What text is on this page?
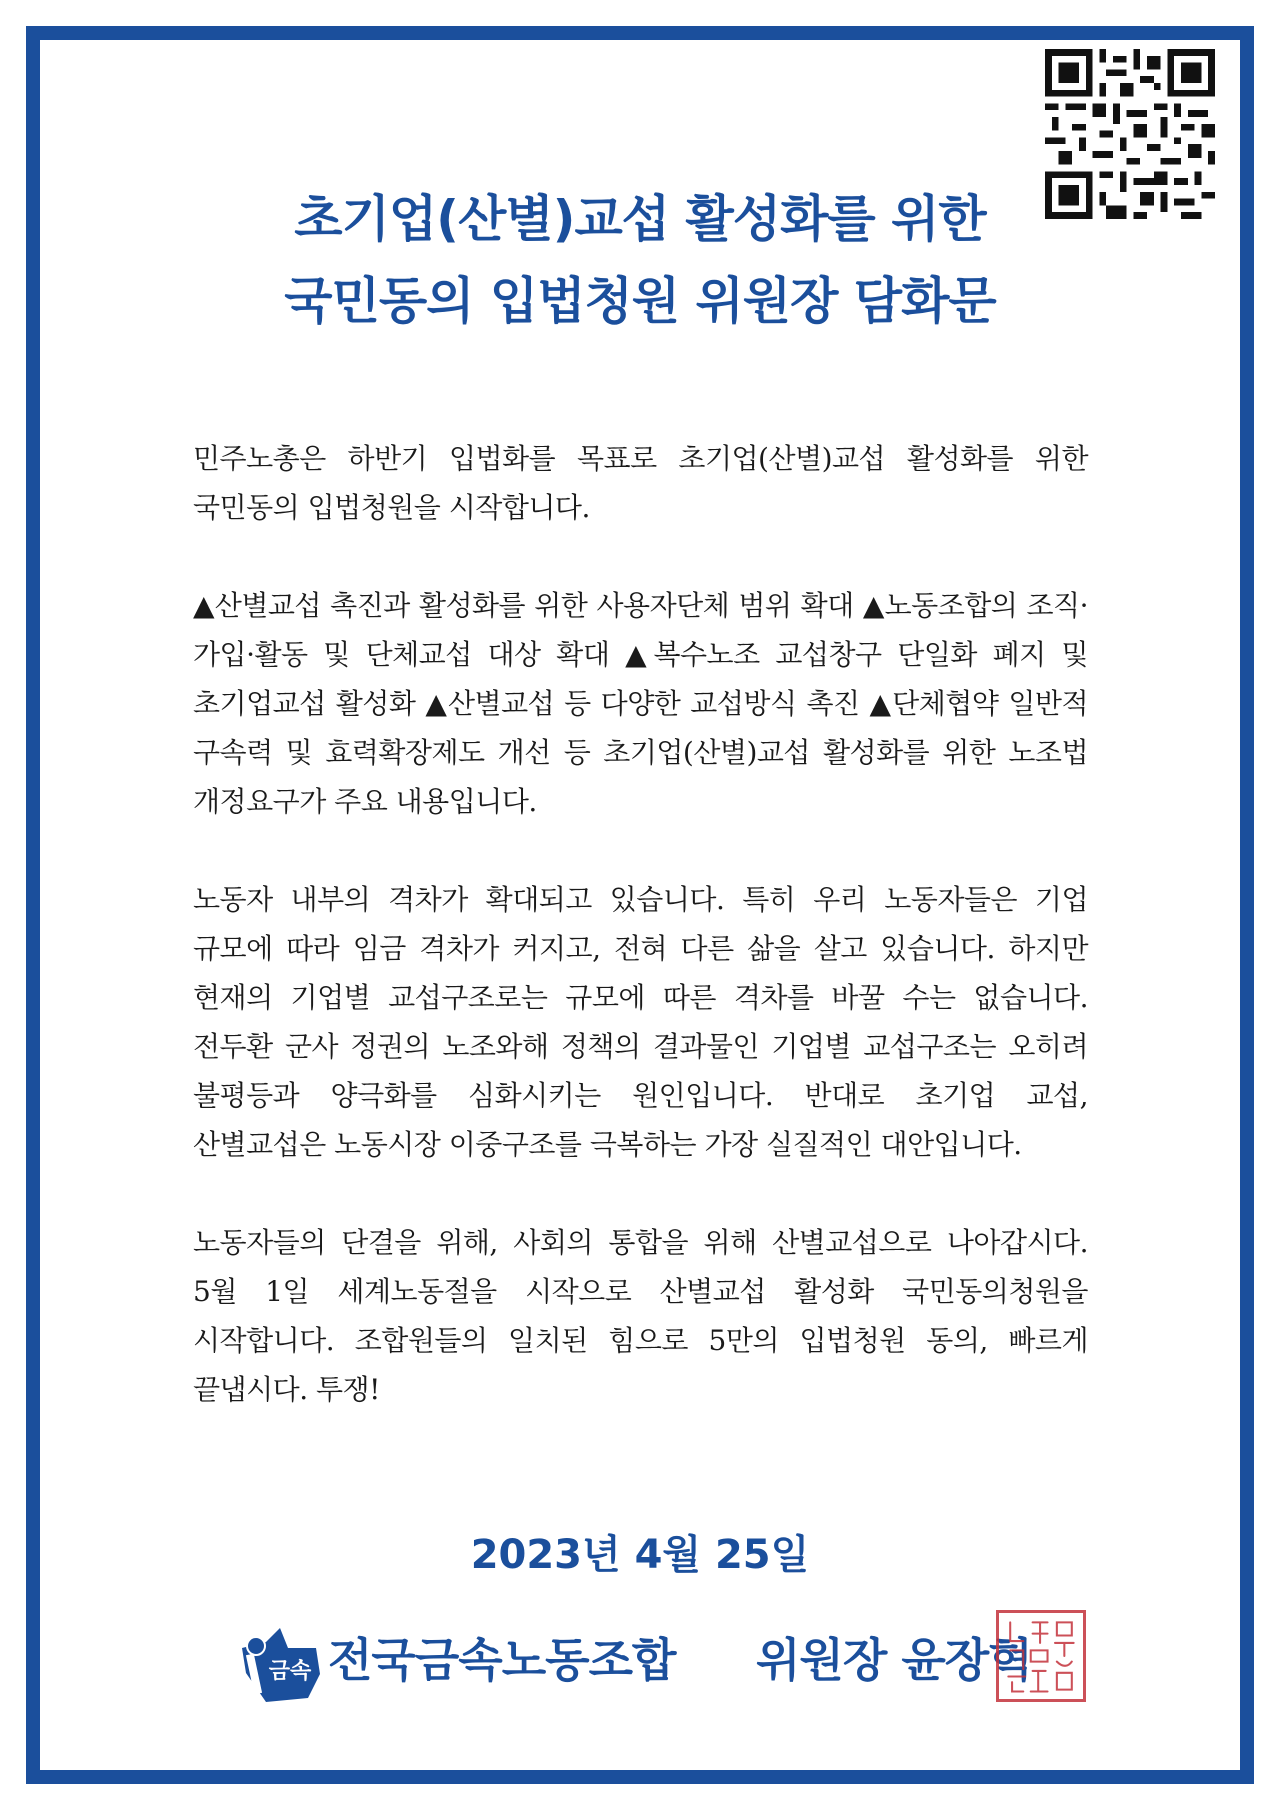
초기업(산별)교섭 활성화를 위한
국민동의 입법청원 위원장 담화문

민주노총은 하반기 입법화를 목표로 초기업(산별)교섭 활성화를 위한 국민동의 입법청원을 시작합니다.

▲산별교섭 촉진과 활성화를 위한 사용자단체 범위 확대 ▲노동조합의 조직·가입·활동 및 단체교섭 대상 확대 ▲복수노조 교섭창구 단일화 폐지 및 초기업교섭 활성화 ▲산별교섭 등 다양한 교섭방식 촉진 ▲단체협약 일반적 구속력 및 효력확장제도 개선 등 초기업(산별)교섭 활성화를 위한 노조법 개정요구가 주요 내용입니다.

노동자 내부의 격차가 확대되고 있습니다. 특히 우리 노동자들은 기업 규모에 따라 임금 격차가 커지고, 전혀 다른 삶을 살고 있습니다. 하지만 현재의 기업별 교섭구조로는 규모에 따른 격차를 바꿀 수는 없습니다. 전두환 군사 정권의 노조와해 정책의 결과물인 기업별 교섭구조는 오히려 불평등과 양극화를 심화시키는 원인입니다. 반대로 초기업 교섭, 산별교섭은 노동시장 이중구조를 극복하는 가장 실질적인 대안입니다.

노동자들의 단결을 위해, 사회의 통합을 위해 산별교섭으로 나아갑시다. 5월 1일 세계노동절을 시작으로 산별교섭 활성화 국민동의청원을 시작합니다. 조합원들의 일치된 힘으로 5만의 입법청원 동의, 빠르게 끝냅시다. 투쟁!

2023년 4월 25일
금속 전국금속노동조합 위원장 윤장혁
